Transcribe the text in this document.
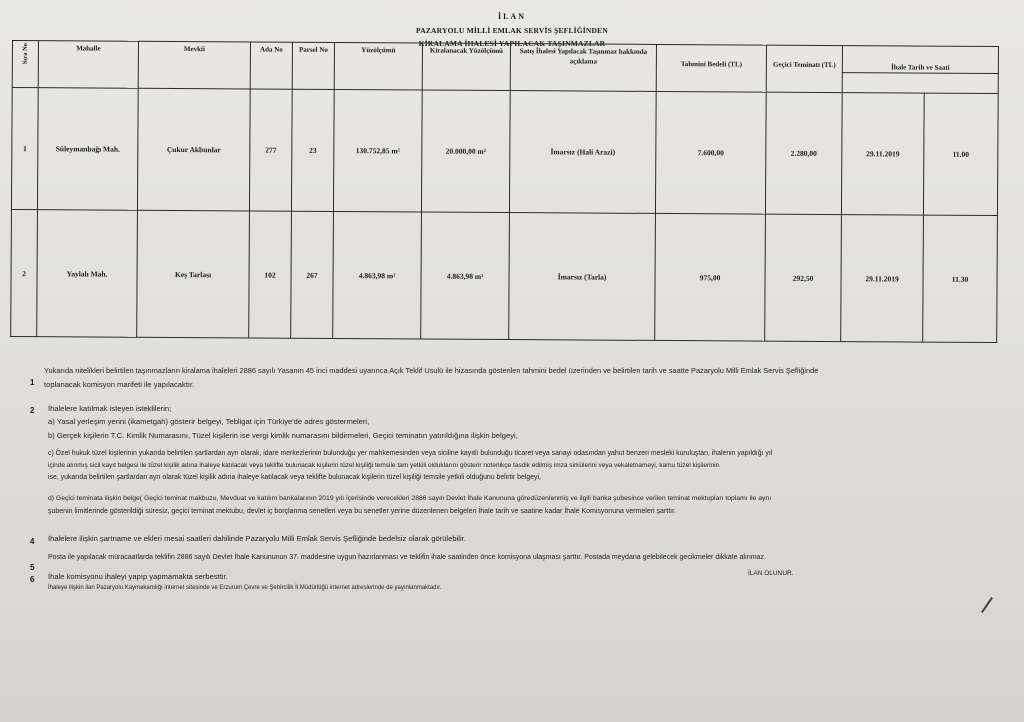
İLAN
PAZARYOLU MİLLİ EMLAK SERVİS ŞEFLİĞİNDEN
KİRALAMA İHALESİ YAPILACAK TAŞINMAZLAR
Sıra No	Mahalle	Mevkii	Ada No	Parsel No	Yüzölçümü	Kiralanacak Yüzölçümü	Satış İhalesi Yapılacak Taşınmaz hakkında açıklama	Tahmini Bedeli (TL)	Geçici Teminatı (TL)	İhale Tarih ve Saati	

1	Süleymanbağı Mah.	Çukur Akbunlar	277	23	130.752,85 m²	20.000,00 m²	İmarsız (Hali Arazi)	7.600,00	2.280,00	29.11.2019	11.00
2	Yaylalı Mah.	Keş Tarlası	102	267	4.863,98 m²	4.863,98 m²	İmarsız (Tarla)	975,00	292,50	29.11.2019	11.30
1
Yukarıda nitelikleri belirtilen taşınmazların kiralama ihaleleri 2886 sayılı Yasanın 45 inci maddesi uyarınca Açık Teklif Usulü ile hizasında gösterilen tahmini bedel üzerinden ve belirtilen tarih ve saatte Pazaryolu Milli Emlak Servis Şefliğinde
toplanacak komisyon marifeti ile yapılacaktır.
2 İhalelere katılmak isteyen isteklilerin;
a) Yasal yerleşim yerini (ikametgah) gösterir belgeyi, Tebligat için Türkiye'de adres göstermeleri,
b) Gerçek kişilerin T.C. Kimlik Numarasını, Tüzel kişilerin ise vergi kimlik numarasını bildirmeleri, Geçici teminatın yatırıldığına ilişkin belgeyi,
c) Özel hukuk tüzel kişilerinin yukarıda belirtilen şartlardan ayrı olarak, idare merkezlerinin bulunduğu yer mahkemesinden veya siciline kayıtlı bulunduğu ticaret veya sanayi odasından yahut benzeri mesleki kuruluştan, ihalenin yapıldığı yıl
içinde alınmış sicil kayıt belgesi ile tüzel kişilik adına ihaleye katılacak veya teklifte bulunacak kişilerin tüzel kişiliği temsile tam yetkili olduklarını gösterir noterlikçe tasdik edilmiş imza sirkülerini veya vekaletnameyi, kamu tüzel kişilerinin
ise, yukarıda belirtilen şartlardan ayrı olarak tüzel kişilik adına ihaleye katılacak veya teklifte bulunacak kişilerin tüzel kişiliği temsile yetkili olduğunu belirtir belgeyi,
d) Geçici teminata ilişkin belge( Geçici teminat makbuzu, Mevduat ve katılım bankalarının 2019 yılı içerisinde verecekleri 2886 sayılı Devlet İhale Kanununa göredüzenlenmiş ve ilgili banka şubesince verilen teminat mektupları toplamı ile aynı
şubenin limitlerinde gösterildiği süresiz, geçici teminat mektubu, devlet iç borçlanma senetleri veya bu senetler yerine düzenlenen belgeleri İhale tarih ve saatine kadar İhale Komisyonuna vermeleri şarttır.
4 İhalelere ilişkin şartname ve ekleri mesai saatleri dahilinde Pazaryolu Milli Emlak Servis Şefliğinde bedelsiz olarak görülebilir.
5
Posta ile yapılacak müracaatlarda teklifin 2886 sayılı Devlet İhale Kanununun 37. maddesine uygun hazırlanması ve teklifin ihale saatinden önce komisyona ulaşması şarttır. Postada meydana gelebilecek gecikmeler dikkate alınmaz.
6 İhale komisyonu ihaleyi yapıp yapmamakta serbesttir.
İhaleye ilişkin ilan Pazaryolu Kaymakamlığı internet sitesinde ve Erzurum Çevre ve Şehircilik İl Müdürlüğü internet adreslerinde de yayınlanmaktadır.
İLAN OLUNUR.
